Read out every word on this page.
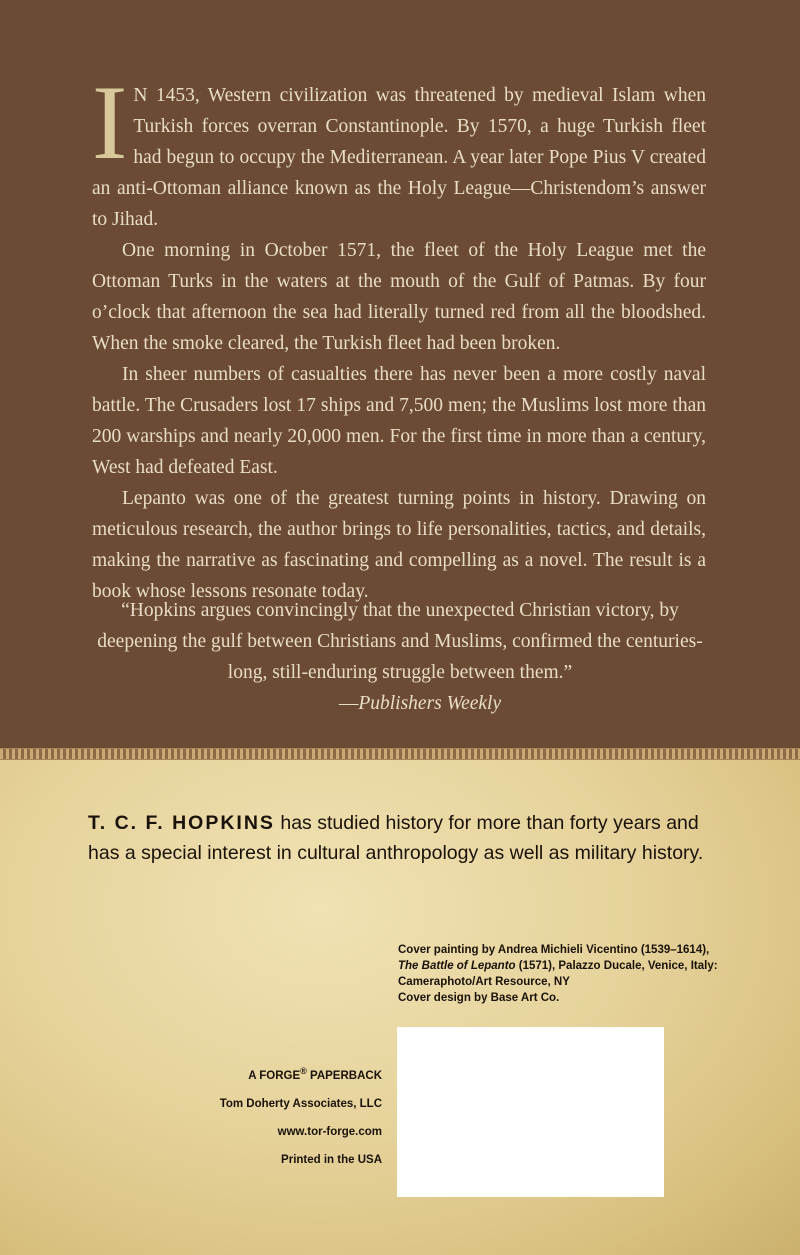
I N 1453, Western civilization was threatened by medieval Islam when Turkish forces overran Constantinople. By 1570, a huge Turkish fleet had begun to occupy the Mediterranean. A year later Pope Pius V created an anti-Ottoman alliance known as the Holy League—Christendom’s answer to Jihad.

One morning in October 1571, the fleet of the Holy League met the Ottoman Turks in the waters at the mouth of the Gulf of Patmas. By four o’clock that afternoon the sea had literally turned red from all the bloodshed. When the smoke cleared, the Turkish fleet had been broken.

In sheer numbers of casualties there has never been a more costly naval battle. The Crusaders lost 17 ships and 7,500 men; the Muslims lost more than 200 warships and nearly 20,000 men. For the first time in more than a century, West had defeated East.

Lepanto was one of the greatest turning points in history. Drawing on meticulous research, the author brings to life personalities, tactics, and details, making the narrative as fascinating and compelling as a novel. The result is a book whose lessons resonate today.

“Hopkins argues convincingly that the unexpected Christian victory, by deepening the gulf between Christians and Muslims, confirmed the centuries-long, still-enduring struggle between them.”
—Publishers Weekly
T. C. F. HOPKINS has studied history for more than forty years and has a special interest in cultural anthropology as well as military history.
Cover painting by Andrea Michieli Vicentino (1539–1614),
The Battle of Lepanto (1571), Palazzo Ducale, Venice, Italy:
Cameraphoto/Art Resource, NY
Cover design by Base Art Co.
A FORGE® PAPERBACK
Tom Doherty Associates, LLC
www.tor-forge.com
Printed in the USA
